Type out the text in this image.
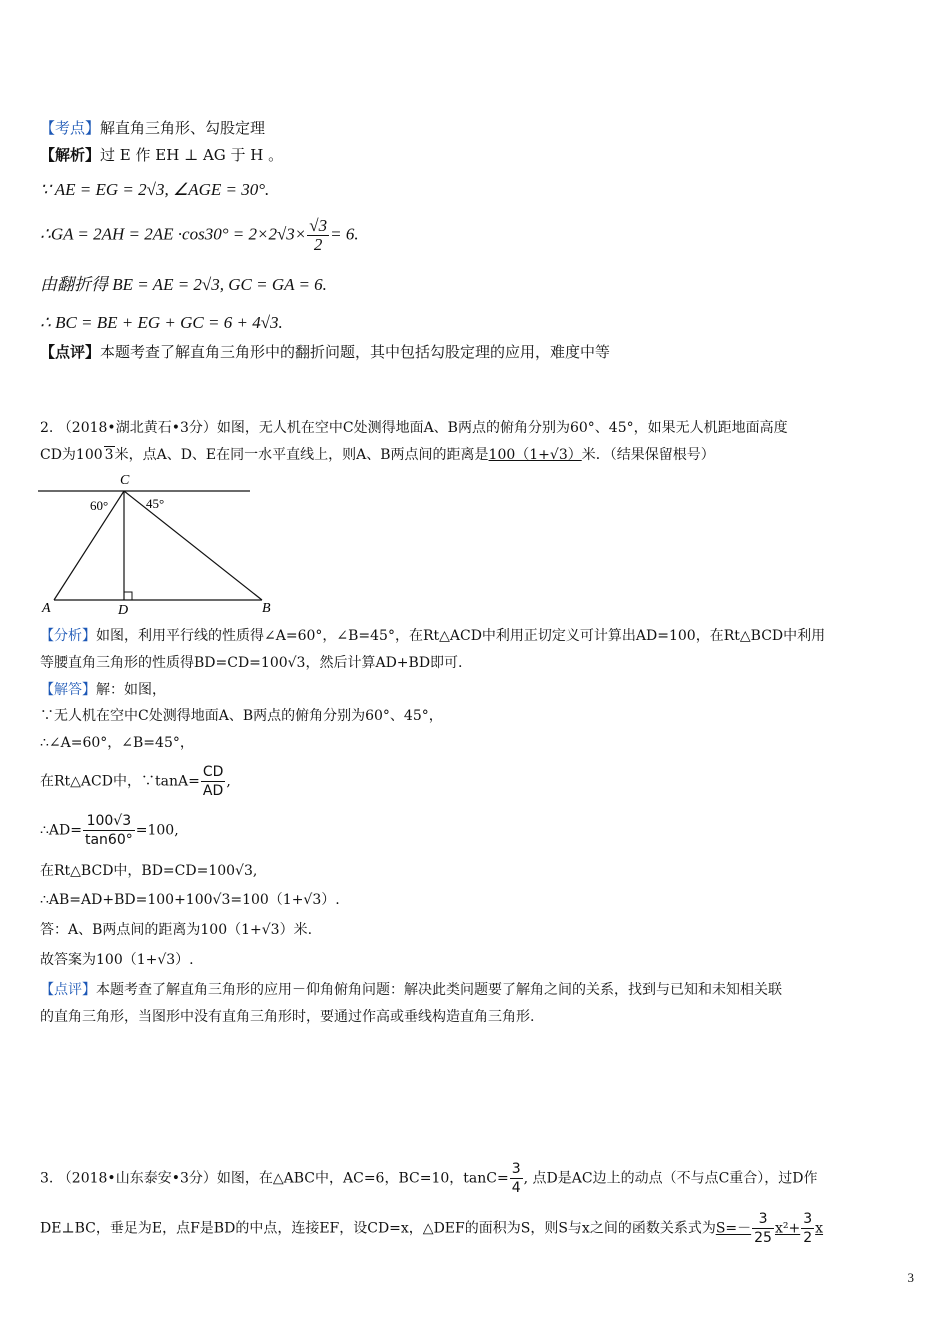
【考点】解直角三角形、勾股定理
【解析】过 E 作 EH ⊥ AG 于 H 。
∵ AE = EG = 2√3, ∠AGE = 30°.
∴GA = $2AH = 2AE \cdot\cos 30^\circ = 2\times 2√3\times \frac{√3}{2} = 6$.
由翻折得 BE = AE = 2√3, GC = GA = 6.
∴ BC = BE + EG + GC = 6 + 4√3.
【点评】本题考查了解直角三角形中的翻折问题，其中包括勾股定理的应用，难度中等
2. （2018•湖北黄石•3分）如图，无人机在空中C处测得地面A、B两点的俯角分别为60°、45°，如果无人机距地面高度
CD为100 3米，点A、D、E在同一水平直线上，则A、B两点间的距离是100（1+√3）米．（结果保留根号）
C
A	D	B
60°	45°
【分析】如图，利用平行线的性质得∠A=60°，∠B=45°，在Rt△ACD中利用正切定义可计算出AD=100，在Rt△BCD中利用
等腰直角三角形的性质得BD=CD=100√3，然后计算AD+BD即可.
【解答】解：如图，
∵无人机在空中C处测得地面A、B两点的俯角分别为60°、45°，
∴∠A=60°，∠B=45°，
在Rt△ACD中，∵tanA= $\frac{CD}{AD}$ ,
∴AD= $\frac{100√3}{\tan 60^\circ} =100$,
在Rt△BCD中，BD=CD=100√3,
∴AB=AD+BD=100+100√3=100（1+√3）.
答：A、B两点间的距离为100（1+√3）米.
故答案为100（1+√3）.
【点评】本题考查了解直角三角形的应用－仰角俯角问题：解决此类问题要了解角之间的关系，找到与已知和未知相关联
的直角三角形，当图形中没有直角三角形时，要通过作高或垂线构造直角三角形.
3. （2018•山东泰安•3分）如图，在△ABC中，AC=6，BC=10，$\tan C= \frac{3}{4}$ , 点D是AC边上的动点（不与点C重合），过D作
DE⊥BC，垂足为E，点F是BD的中点，连接EF，设CD=x，△DEF的面积为S，则S与x之间的函数关系式为$S=- \frac{3}{25} x^2+ \frac{3}{2}$ x
3
